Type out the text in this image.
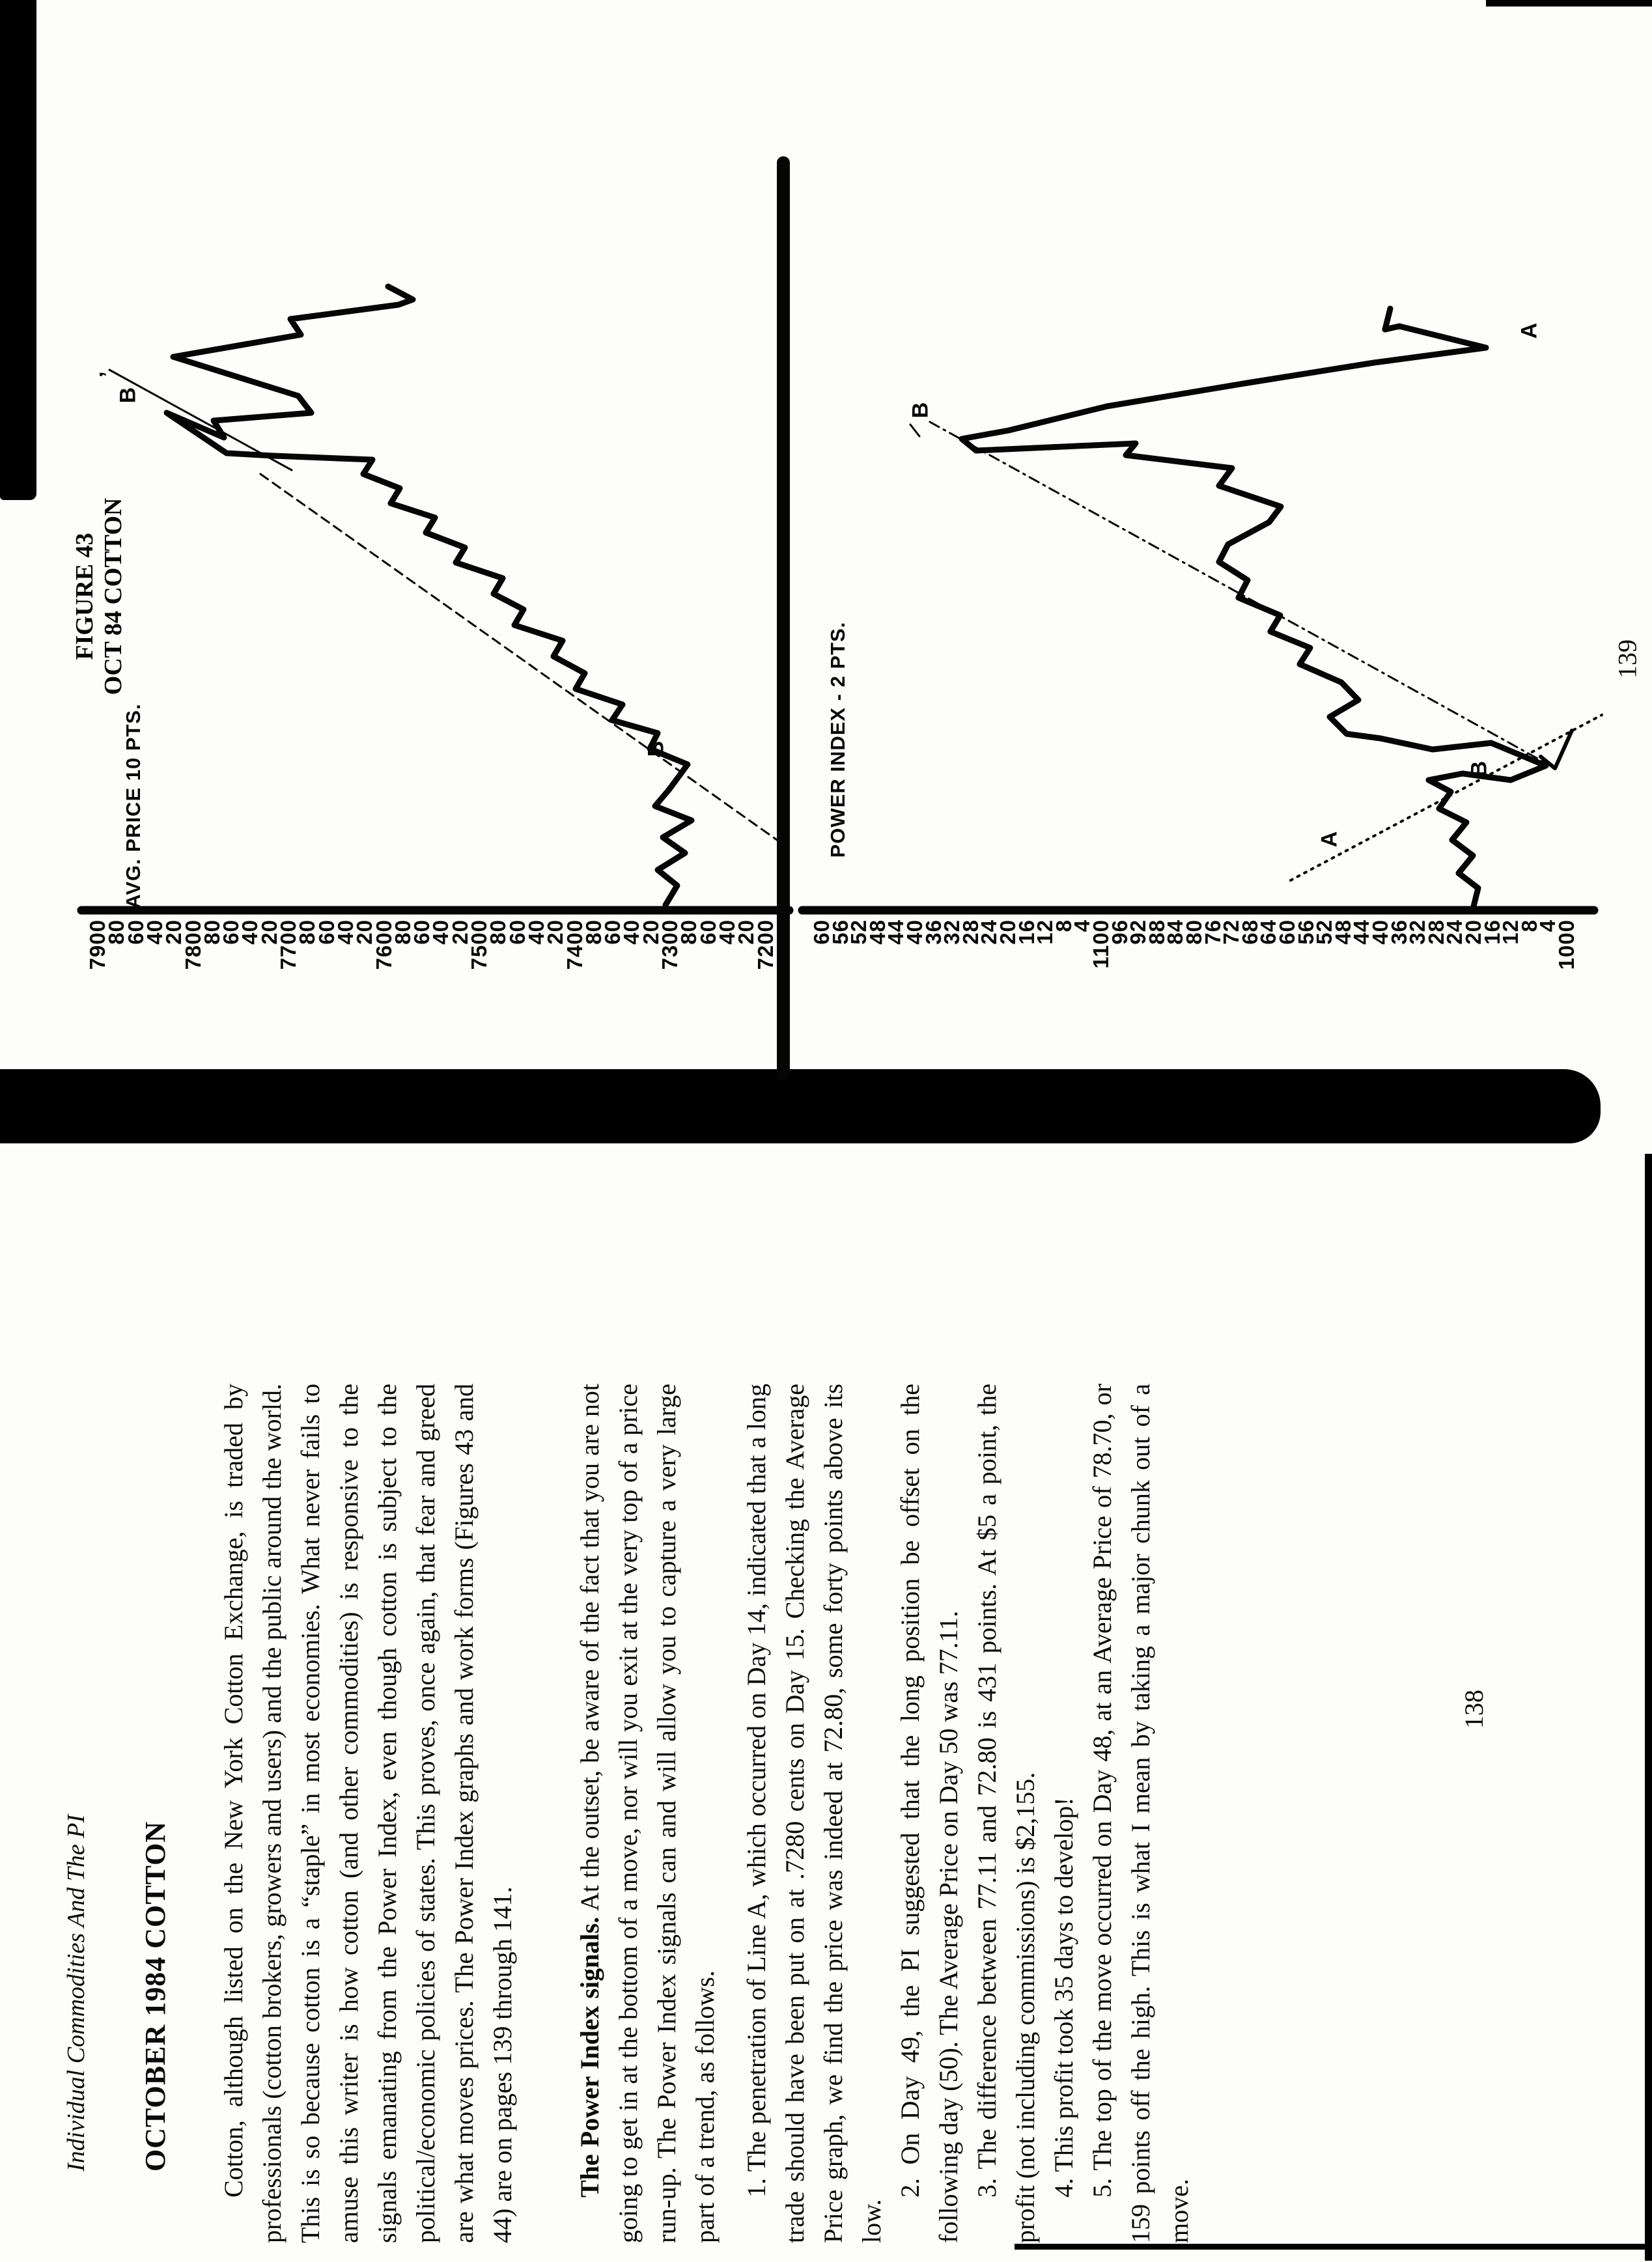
FIGURE 43 OCT 84 COTTON
AVG. PRICE 10 PTS.	POWER INDEX - 2 PTS.	139
7900
80
60
40
20
7800
80
60
40
20
7700
80
60
40
20
7600
80
60
40
20
7500
80
60
40
20
7400
80
60
40
20
7300
80
60
40
20
7200 60
56
52
48
44
40
36
32
28
24
20
16
12
8
4
1100
96
92
88
84
80
76
72
68
64
60
56
52
48
44
40
36
32
28
24
20
16
12
8
4
1000
B
’
B
B
B
A
A

Individual Commodities And The PI OCTOBER 1984 COTTON Cotton, although listed on the New York Cotton Exchange, is traded by professionals (cotton brokers, growers and users) and the public around the world. This is so because cotton is a “staple” in most economies. What never fails to amuse this writer is how cotton (and other commodities) is responsive to the signals emanating from the Power Index, even though cotton is subject to the political/economic policies of states. This proves, once again, that fear and greed are what moves prices. The Power Index graphs and work forms (Figures 43 and 44) are on pages 139 through 141. The Power Index signals. At the outset, be aware of the fact that you are not going to get in at the bottom of a move, nor will you exit at the very top of a price run-up. The Power Index signals can and will allow you to capture a very large part of a trend, as follows. 1. The penetration of Line A, which occurred on Day 14, indicated that a long trade should have been put on at .7280 cents on Day 15. Checking the Average Price graph, we find the price was indeed at 72.80, some forty points above its low.

2. On Day 49, the PI suggested that the long position be offset on the following day (50). The Average Price on Day 50 was 77.11. 3. The difference between 77.11 and 72.80 is 431 points. At $5 a point, the profit (not including commissions) is $2,155. 4. This profit took 35 days to develop! 5. The top of the move occurred on Day 48, at an Average Price of 78.70, or 159 points off the high. This is what I mean by taking a major chunk out of a move.

138
